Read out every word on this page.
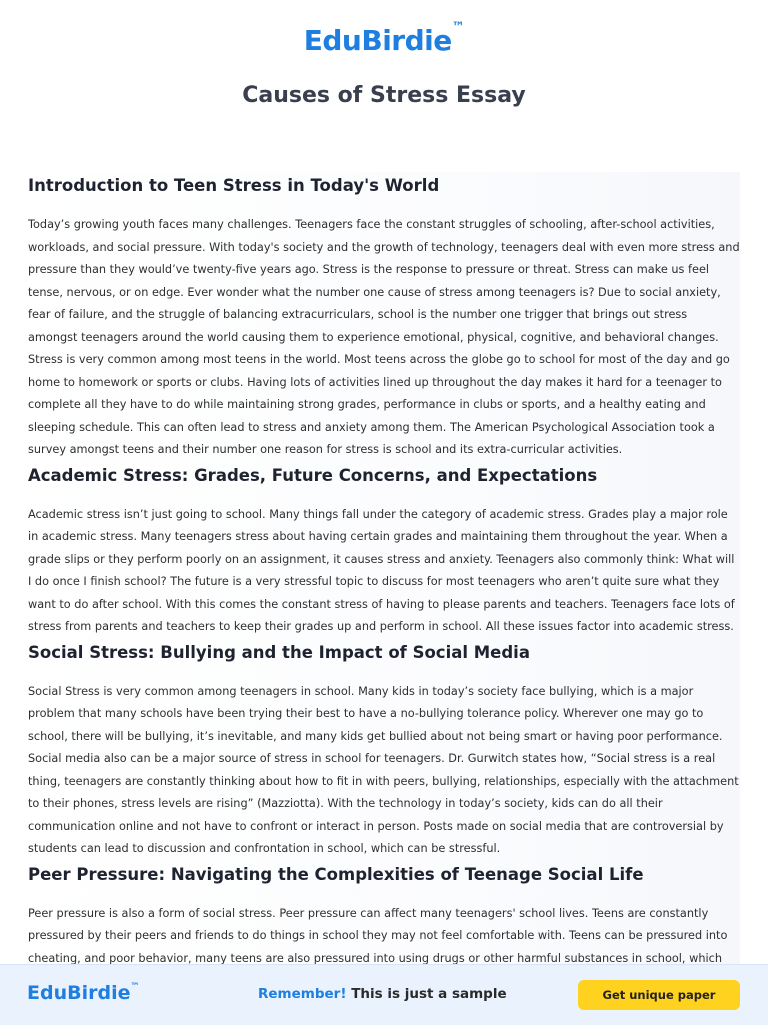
EduBirdie™
Causes of Stress Essay
Introduction to Teen Stress in Today's World

Today’s growing youth faces many challenges. Teenagers face the constant struggles of schooling, after-school activities, workloads, and social pressure. With today's society and the growth of technology, teenagers deal with even more stress and pressure than they would’ve twenty-five years ago. Stress is the response to pressure or threat. Stress can make us feel tense, nervous, or on edge. Ever wonder what the number one cause of stress among teenagers is? Due to social anxiety, fear of failure, and the struggle of balancing extracurriculars, school is the number one trigger that brings out stress amongst teenagers around the world causing them to experience emotional, physical, cognitive, and behavioral changes. Stress is very common among most teens in the world. Most teens across the globe go to school for most of the day and go home to homework or sports or clubs. Having lots of activities lined up throughout the day makes it hard for a teenager to complete all they have to do while maintaining strong grades, performance in clubs or sports, and a healthy eating and sleeping schedule. This can often lead to stress and anxiety among them. The American Psychological Association took a survey amongst teens and their number one reason for stress is school and its extra-curricular activities.

Academic Stress: Grades, Future Concerns, and Expectations

Academic stress isn’t just going to school. Many things fall under the category of academic stress. Grades play a major role in academic stress. Many teenagers stress about having certain grades and maintaining them throughout the year. When a grade slips or they perform poorly on an assignment, it causes stress and anxiety. Teenagers also commonly think: What will I do once I finish school? The future is a very stressful topic to discuss for most teenagers who aren’t quite sure what they want to do after school. With this comes the constant stress of having to please parents and teachers. Teenagers face lots of stress from parents and teachers to keep their grades up and perform in school. All these issues factor into academic stress.

Social Stress: Bullying and the Impact of Social Media

Social Stress is very common among teenagers in school. Many kids in today’s society face bullying, which is a major problem that many schools have been trying their best to have a no-bullying tolerance policy. Wherever one may go to school, there will be bullying, it’s inevitable, and many kids get bullied about not being smart or having poor performance. Social media also can be a major source of stress in school for teenagers. Dr. Gurwitch states how, “Social stress is a real thing, teenagers are constantly thinking about how to fit in with peers, bullying, relationships, especially with the attachment to their phones, stress levels are rising” (Mazziotta). With the technology in today’s society, kids can do all their communication online and not have to confront or interact in person. Posts made on social media that are controversial by students can lead to discussion and confrontation in school, which can be stressful.

Peer Pressure: Navigating the Complexities of Teenage Social Life

Peer pressure is also a form of social stress. Peer pressure can affect many teenagers' school lives. Teens are constantly pressured by their peers and friends to do things in school they may not feel comfortable with. Teens can be pressured into cheating, and poor behavior, many teens are also pressured into using drugs or other harmful substances in school, which

EduBirdie™	Remember! This is just a sample	Get unique paper
